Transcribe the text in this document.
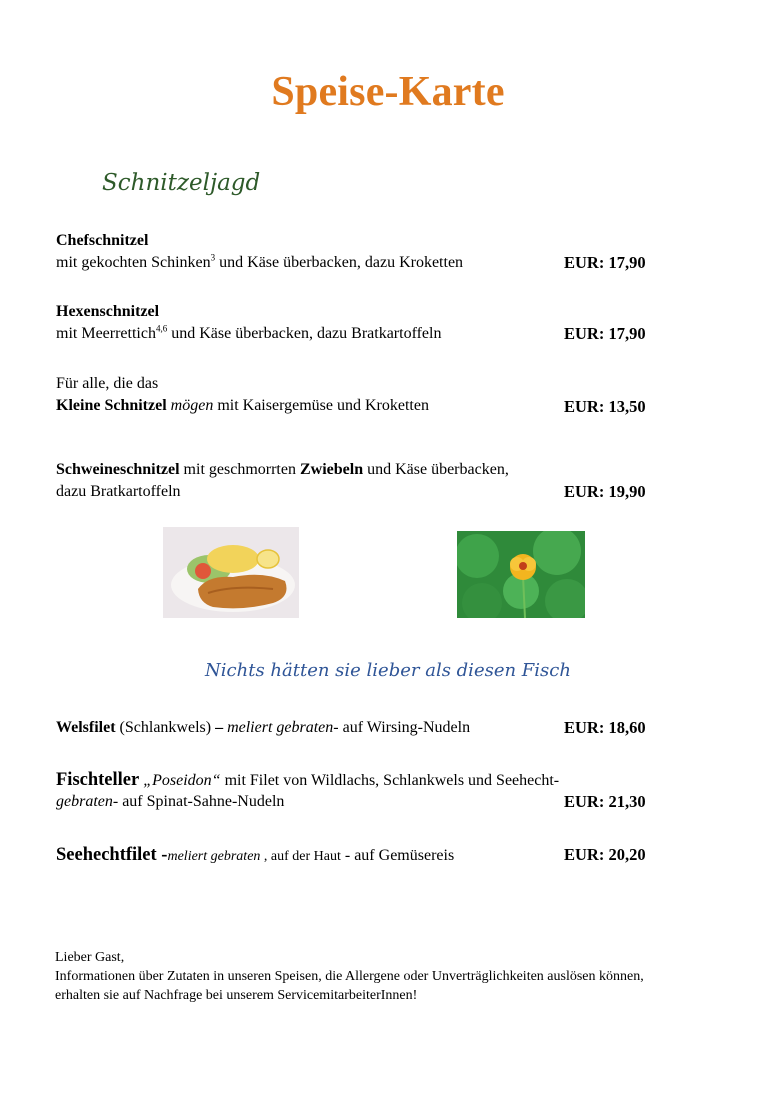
Speise-Karte
Schnitzeljagd
Chefschnitzel
mit gekochten Schinken$^3$ und Käse überbacken, dazu Kroketten	EUR: 17,90
Hexenschnitzel
mit Meerrettich$^{4,6}$ und Käse überbacken, dazu Bratkartoffeln	EUR: 17,90
Für alle, die das
Kleine Schnitzel mögen mit Kaisergemüse und Kroketten	EUR: 13,50
Schweineschnitzel mit geschmorrten Zwiebeln und Käse überbacken,
dazu Bratkartoffeln	EUR: 19,90
Nichts hätten sie lieber als diesen Fisch
Welsfilet (Schlankwels) – meliert gebraten- auf Wirsing-Nudeln	EUR: 18,60
Fischteller „Poseidon“ mit Filet von Wildlachs, Schlankwels und Seehecht-
gebraten- auf Spinat-Sahne-Nudeln	EUR: 21,30
Seehechtfilet -meliert gebraten , auf der Haut - auf Gemüsereis	EUR: 20,20
Lieber Gast,
Informationen über Zutaten in unseren Speisen, die Allergene oder Unverträglichkeiten auslösen können,
erhalten sie auf Nachfrage bei unserem ServicemitarbeiterInnen!
